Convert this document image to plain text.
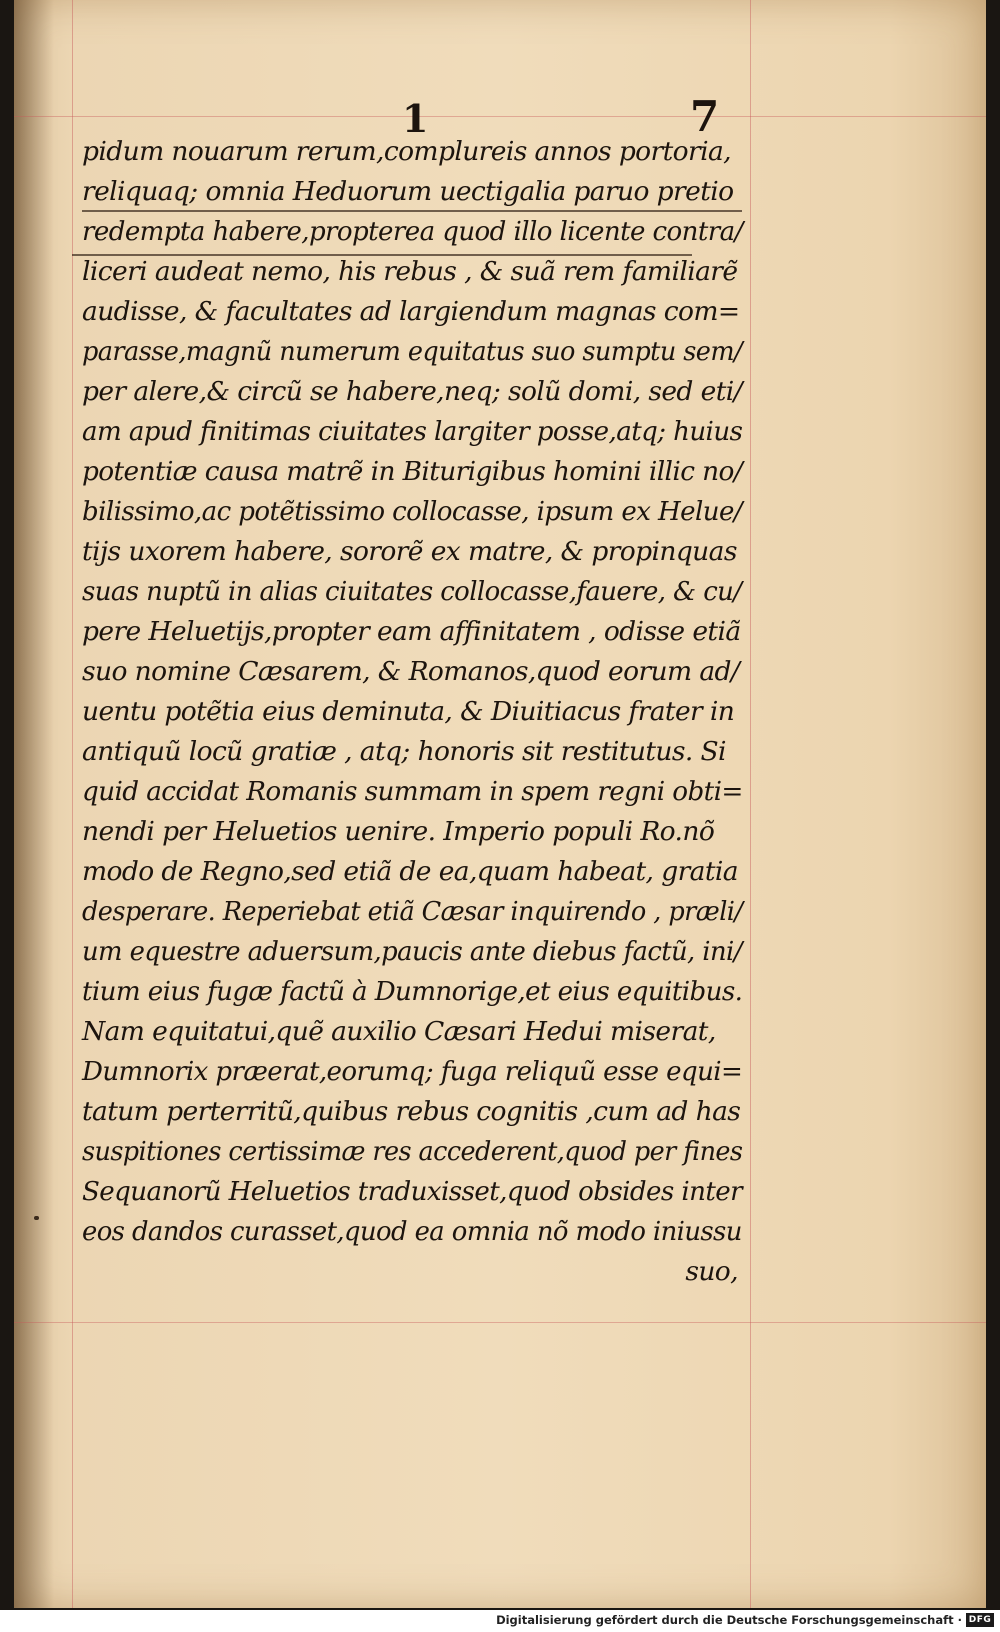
1	7
pidum nouarum rerum,complureis annos portoria,
reliquaq; omnia Heduorum uectigalia paruo pretio
redempta habere,propterea quod illo licente contra/
liceri audeat nemo, his rebus , & suã rem familiarẽ
audisse, & facultates ad largiendum magnas com=
parasse,magnũ numerum equitatus suo sumptu sem/
per alere,& circũ se habere,neq; solũ domi, sed eti/
am apud finitimas ciuitates largiter posse,atq; huius
potentiæ causa matrẽ in Biturigibus homini illic no/
bilissimo,ac potẽtissimo collocasse, ipsum ex Helue/
tijs uxorem habere, sororẽ ex matre, & propinquas
suas nuptũ in alias ciuitates collocasse,fauere, & cu/
pere Heluetijs,propter eam affinitatem , odisse etiã
suo nomine Cæsarem, & Romanos,quod eorum ad/
uentu potẽtia eius deminuta, & Diuitiacus frater in
antiquũ locũ gratiæ , atq; honoris sit restitutus. Si
quid accidat Romanis summam in spem regni obti=
nendi per Heluetios uenire. Imperio populi Ro.nõ
modo de Regno,sed etiã de ea,quam habeat, gratia
desperare. Reperiebat etiã Cæsar inquirendo , præli/
um equestre aduersum,paucis ante diebus factũ, ini/
tium eius fugæ factũ à Dumnorige,et eius equitibus.
Nam equitatui,quẽ auxilio Cæsari Hedui miserat,
Dumnorix præerat,eorumq; fuga reliquũ esse equi=
tatum perterritũ,quibus rebus cognitis ,cum ad has
suspitiones certissimæ res accederent,quod per fines
Sequanorũ Heluetios traduxisset,quod obsides inter
eos dandos curasset,quod ea omnia nõ modo iniussu
suo,
Digitalisierung gefördert durch die Deutsche Forschungsgemeinschaft · DFG
